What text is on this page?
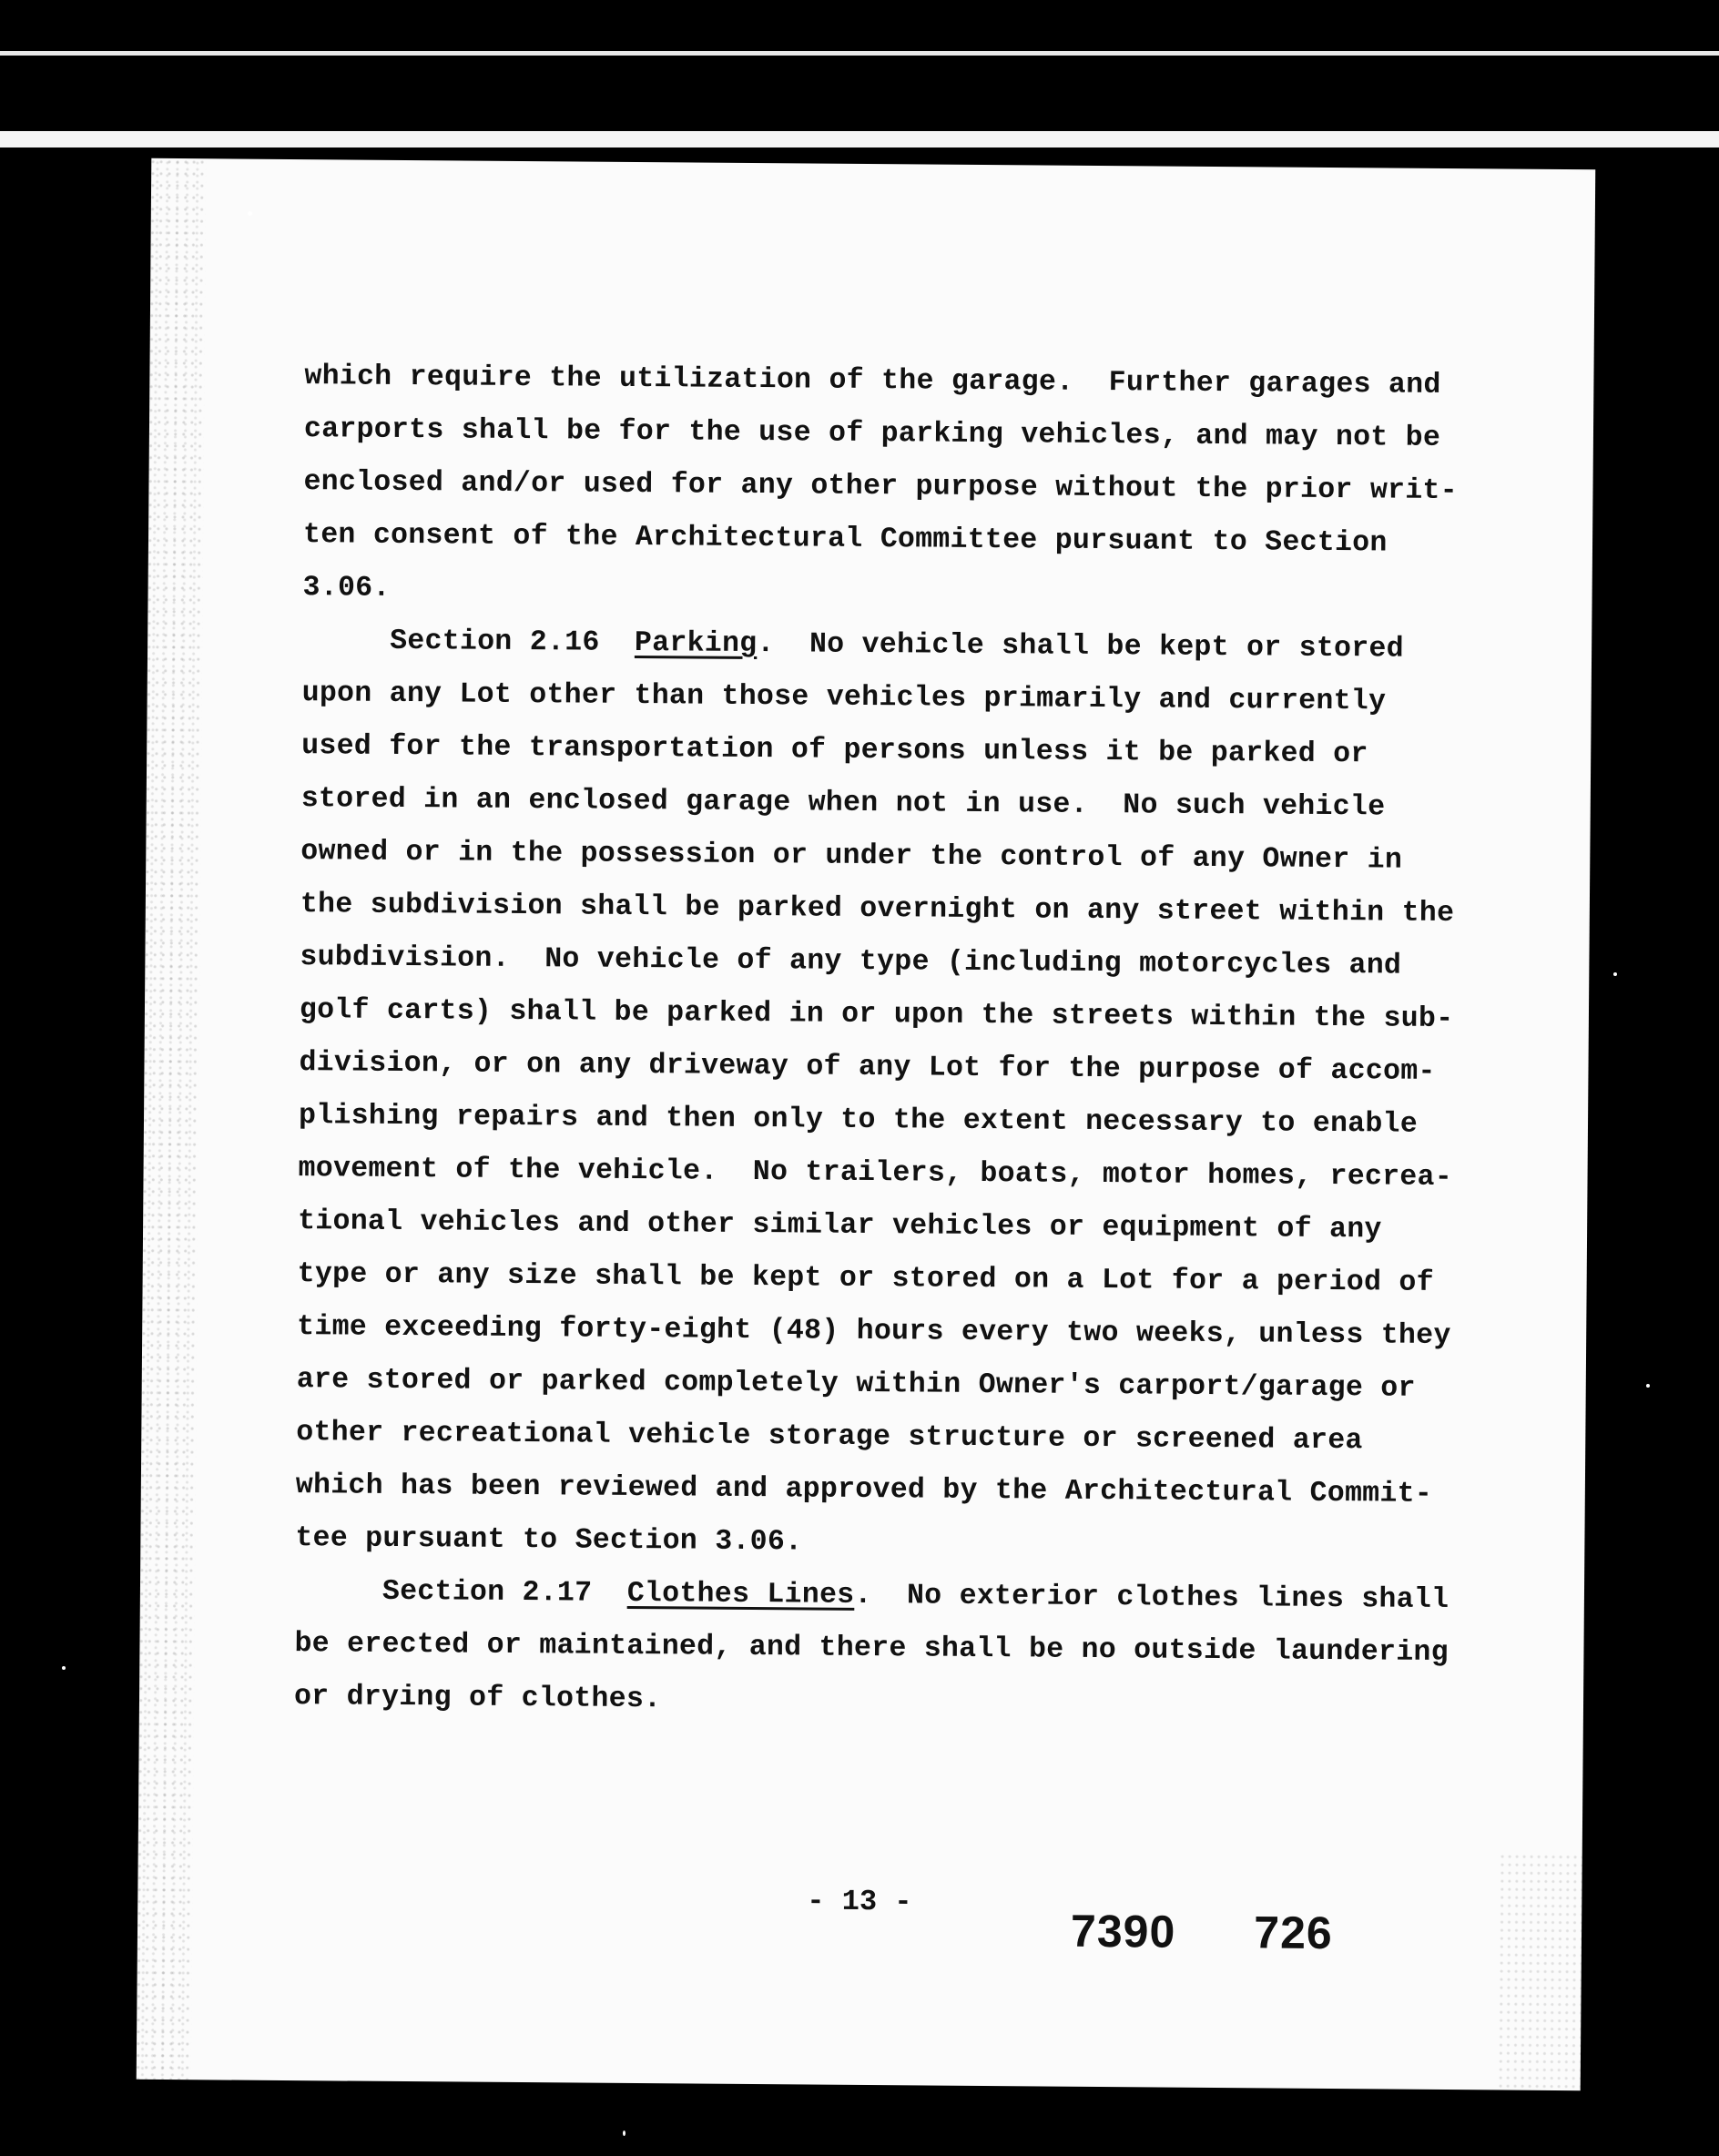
which require the utilization of the garage.  Further garages and
carports shall be for the use of parking vehicles, and may not be
enclosed and/or used for any other purpose without the prior writ-
ten consent of the Architectural Committee pursuant to Section
3.06.
Section 2.16 Parking.  No vehicle shall be kept or stored
upon any Lot other than those vehicles primarily and currently
used for the transportation of persons unless it be parked or
stored in an enclosed garage when not in use.  No such vehicle
owned or in the possession or under the control of any Owner in
the subdivision shall be parked overnight on any street within the
subdivision.  No vehicle of any type (including motorcycles and
golf carts) shall be parked in or upon the streets within the sub-
division, or on any driveway of any Lot for the purpose of accom-
plishing repairs and then only to the extent necessary to enable
movement of the vehicle.  No trailers, boats, motor homes, recrea-
tional vehicles and other similar vehicles or equipment of any
type or any size shall be kept or stored on a Lot for a period of
time exceeding forty-eight (48) hours every two weeks, unless they
are stored or parked completely within Owner's carport/garage or
other recreational vehicle storage structure or screened area
which has been reviewed and approved by the Architectural Commit-
tee pursuant to Section 3.06.
Section 2.17 Clothes Lines.  No exterior clothes lines shall
be erected or maintained, and there shall be no outside laundering
or drying of clothes.
- 13 -
7390 726
